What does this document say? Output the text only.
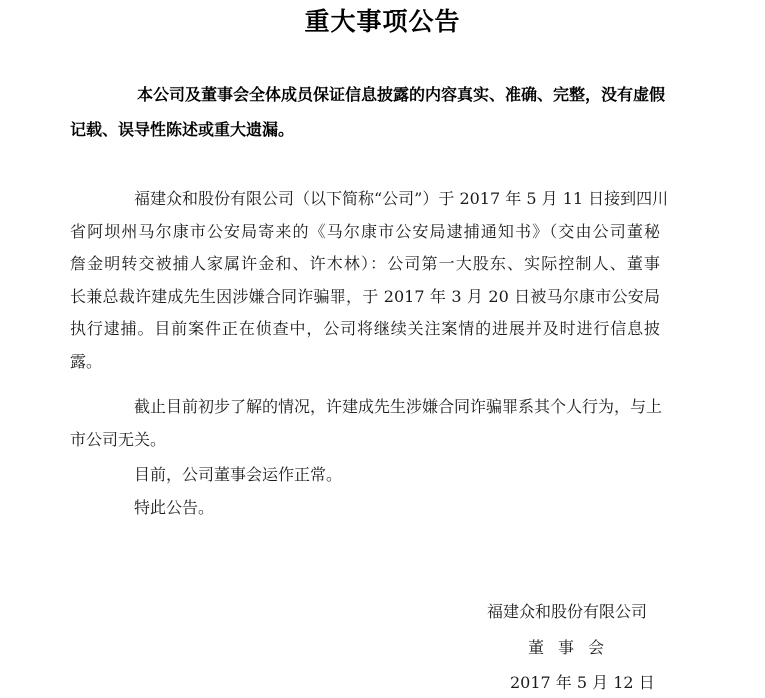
重大事项公告
本公司及董事会全体成员保证信息披露的内容真实、准确、完整，没有虚假
记载、误导性陈述或重大遗漏。
福建众和股份有限公司（以下简称“公司”）于 2017 年 5 月 11 日接到四川
省阿坝州马尔康市公安局寄来的《马尔康市公安局逮捕通知书》（交由公司董秘
詹金明转交被捕人家属许金和、许木林）：公司第一大股东、实际控制人、董事
长兼总裁许建成先生因涉嫌合同诈骗罪，于 2017 年 3 月 20 日被马尔康市公安局
执行逮捕。目前案件正在侦查中，公司将继续关注案情的进展并及时进行信息披
露。
截止目前初步了解的情况，许建成先生涉嫌合同诈骗罪系其个人行为，与上
市公司无关。
目前，公司董事会运作正常。
特此公告。
福建众和股份有限公司
董事会
2017 年 5 月 12 日
